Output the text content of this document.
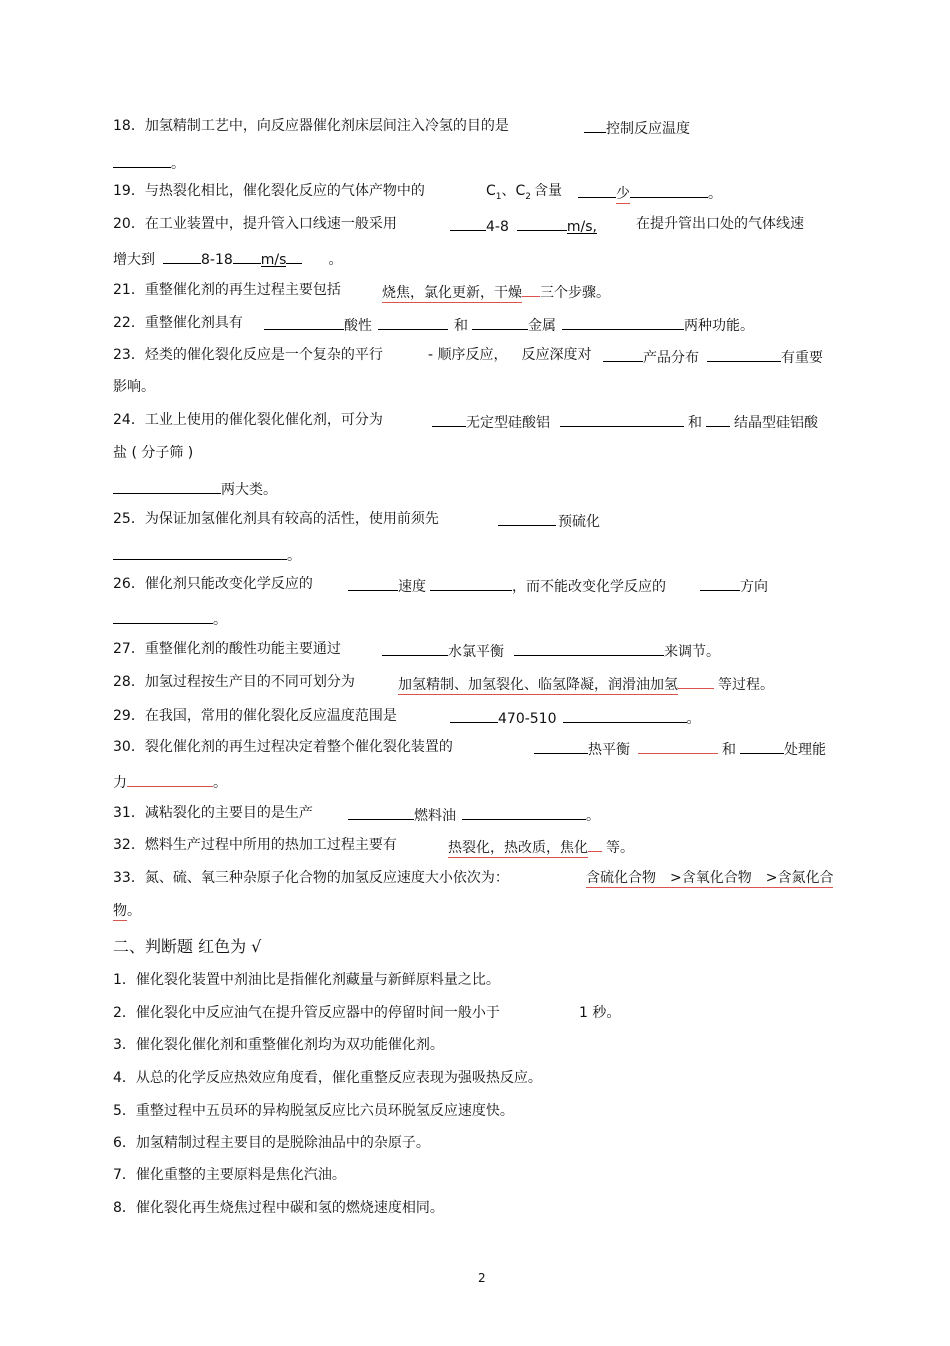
18．加氢精制工艺中，向反应器催化剂床层间注入冷氢的目的是	控制反应温度
。
19．与热裂化相比，催化裂化反应的气体产物中的	$C_1$、$C_2$ 含量	少	。
20．在工业装置中，提升管入口线速一般采用	4-8	m/s,	在提升管出口处的气体线速
增大到	8-18 m/s	。
21．重整催化剂的再生过程主要包括	烧焦，氯化更新，干燥 三个步骤。
22．重整催化剂具有	酸性	和	金属	两种功能。
23．烃类的催化裂化反应是一个复杂的平行	- 顺序反应， 反应深度对	产品分布	有重要
影响。
24．工业上使用的催化裂化催化剂，可分为	无定型硅酸铝	和 结晶型硅铝酸
盐 ( 分子筛 )
两大类。
25．为保证加氢催化剂具有较高的活性，使用前须先	预硫化
。
26．催化剂只能改变化学反应的	速度	，而不能改变化学反应的	方向
。
27．重整催化剂的酸性功能主要通过	水氯平衡	来调节。
28．加氢过程按生产目的不同可划分为	加氢精制、加氢裂化、临氢降凝，润滑油加氢	等过程。
29．在我国，常用的催化裂化反应温度范围是	470-510	。
30．裂化催化剂的再生过程决定着整个催化裂化装置的	热平衡	和	处理能
力	。
31．减粘裂化的主要目的是生产	燃料油	。
32．燃料生产过程中所用的热加工过程主要有	热裂化，热改质，焦化 等。
33．氮、硫、氧三种杂原子化合物的加氢反应速度大小依次为：	含硫化合物　>含氧化合物　>含氮化合
物。
二、判断题 红色为 √
1．催化裂化装置中剂油比是指催化剂藏量与新鲜原料量之比。
2．催化裂化中反应油气在提升管反应器中的停留时间一般小于	1 秒。
3．催化裂化催化剂和重整催化剂均为双功能催化剂。
4．从总的化学反应热效应角度看，催化重整反应表现为强吸热反应。
5．重整过程中五员环的异构脱氢反应比六员环脱氢反应速度快。
6．加氢精制过程主要目的是脱除油品中的杂原子。
7．催化重整的主要原料是焦化汽油。
8．催化裂化再生烧焦过程中碳和氢的燃烧速度相同。
2
